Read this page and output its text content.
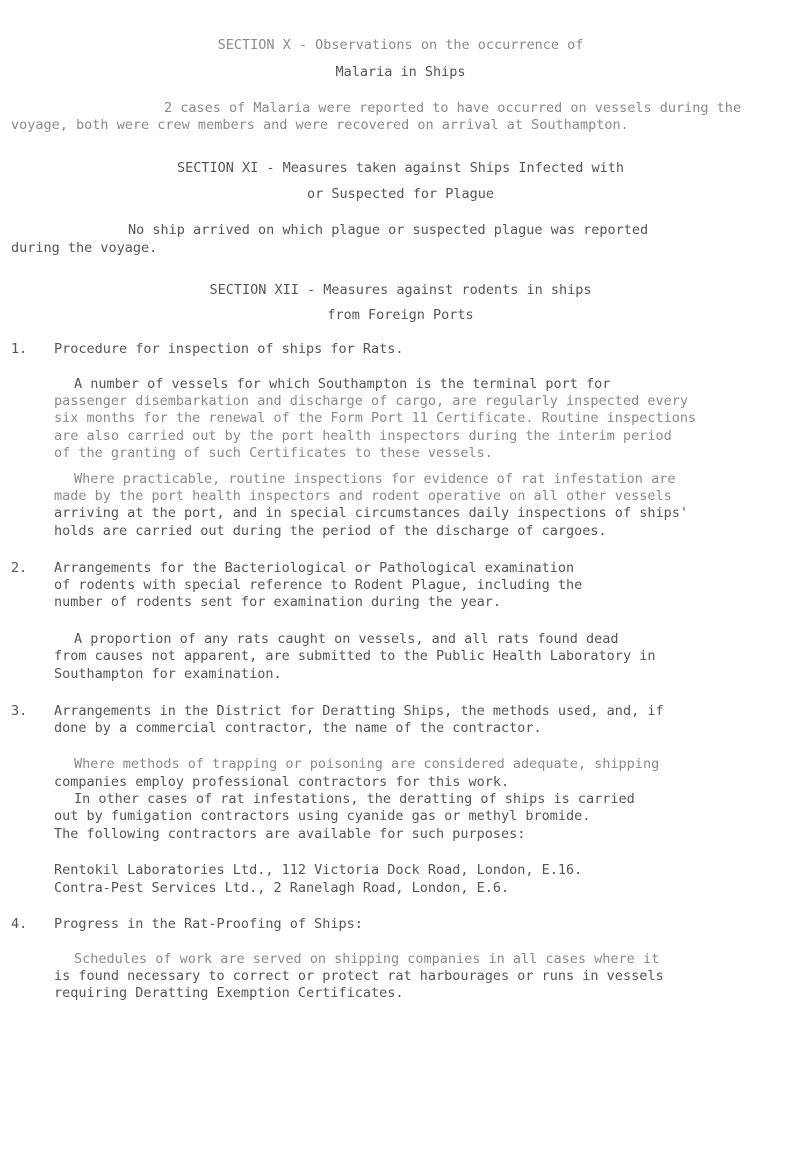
SECTION X - Observations on the occurrence of
Malaria in Ships
2 cases of Malaria were reported to have occurred on vessels during the
voyage, both were crew members and were recovered on arrival at Southampton.
SECTION XI - Measures taken against Ships Infected with
or Suspected for Plague
No ship arrived on which plague or suspected plague was reported
during the voyage.
SECTION XII - Measures against rodents in ships
from Foreign Ports
1. Procedure for inspection of ships for Rats.
A number of vessels for which Southampton is the terminal port for
passenger disembarkation and discharge of cargo, are regularly inspected every
six months for the renewal of the Form Port 11 Certificate. Routine inspections
are also carried out by the port health inspectors during the interim period
of the granting of such Certificates to these vessels.
Where practicable, routine inspections for evidence of rat infestation are
made by the port health inspectors and rodent operative on all other vessels
arriving at the port, and in special circumstances daily inspections of ships'
holds are carried out during the period of the discharge of cargoes.
2. Arrangements for the Bacteriological or Pathological examination
of rodents with special reference to Rodent Plague, including the
number of rodents sent for examination during the year.
A proportion of any rats caught on vessels, and all rats found dead
from causes not apparent, are submitted to the Public Health Laboratory in
Southampton for examination.
3. Arrangements in the District for Deratting Ships, the methods used, and, if
done by a commercial contractor, the name of the contractor.
Where methods of trapping or poisoning are considered adequate, shipping
companies employ professional contractors for this work.
In other cases of rat infestations, the deratting of ships is carried
out by fumigation contractors using cyanide gas or methyl bromide.
The following contractors are available for such purposes:
Rentokil Laboratories Ltd., 112 Victoria Dock Road, London, E.16.
Contra-Pest Services Ltd., 2 Ranelagh Road, London, E.6.
4. Progress in the Rat-Proofing of Ships:
Schedules of work are served on shipping companies in all cases where it
is found necessary to correct or protect rat harbourages or runs in vessels
requiring Deratting Exemption Certificates.
